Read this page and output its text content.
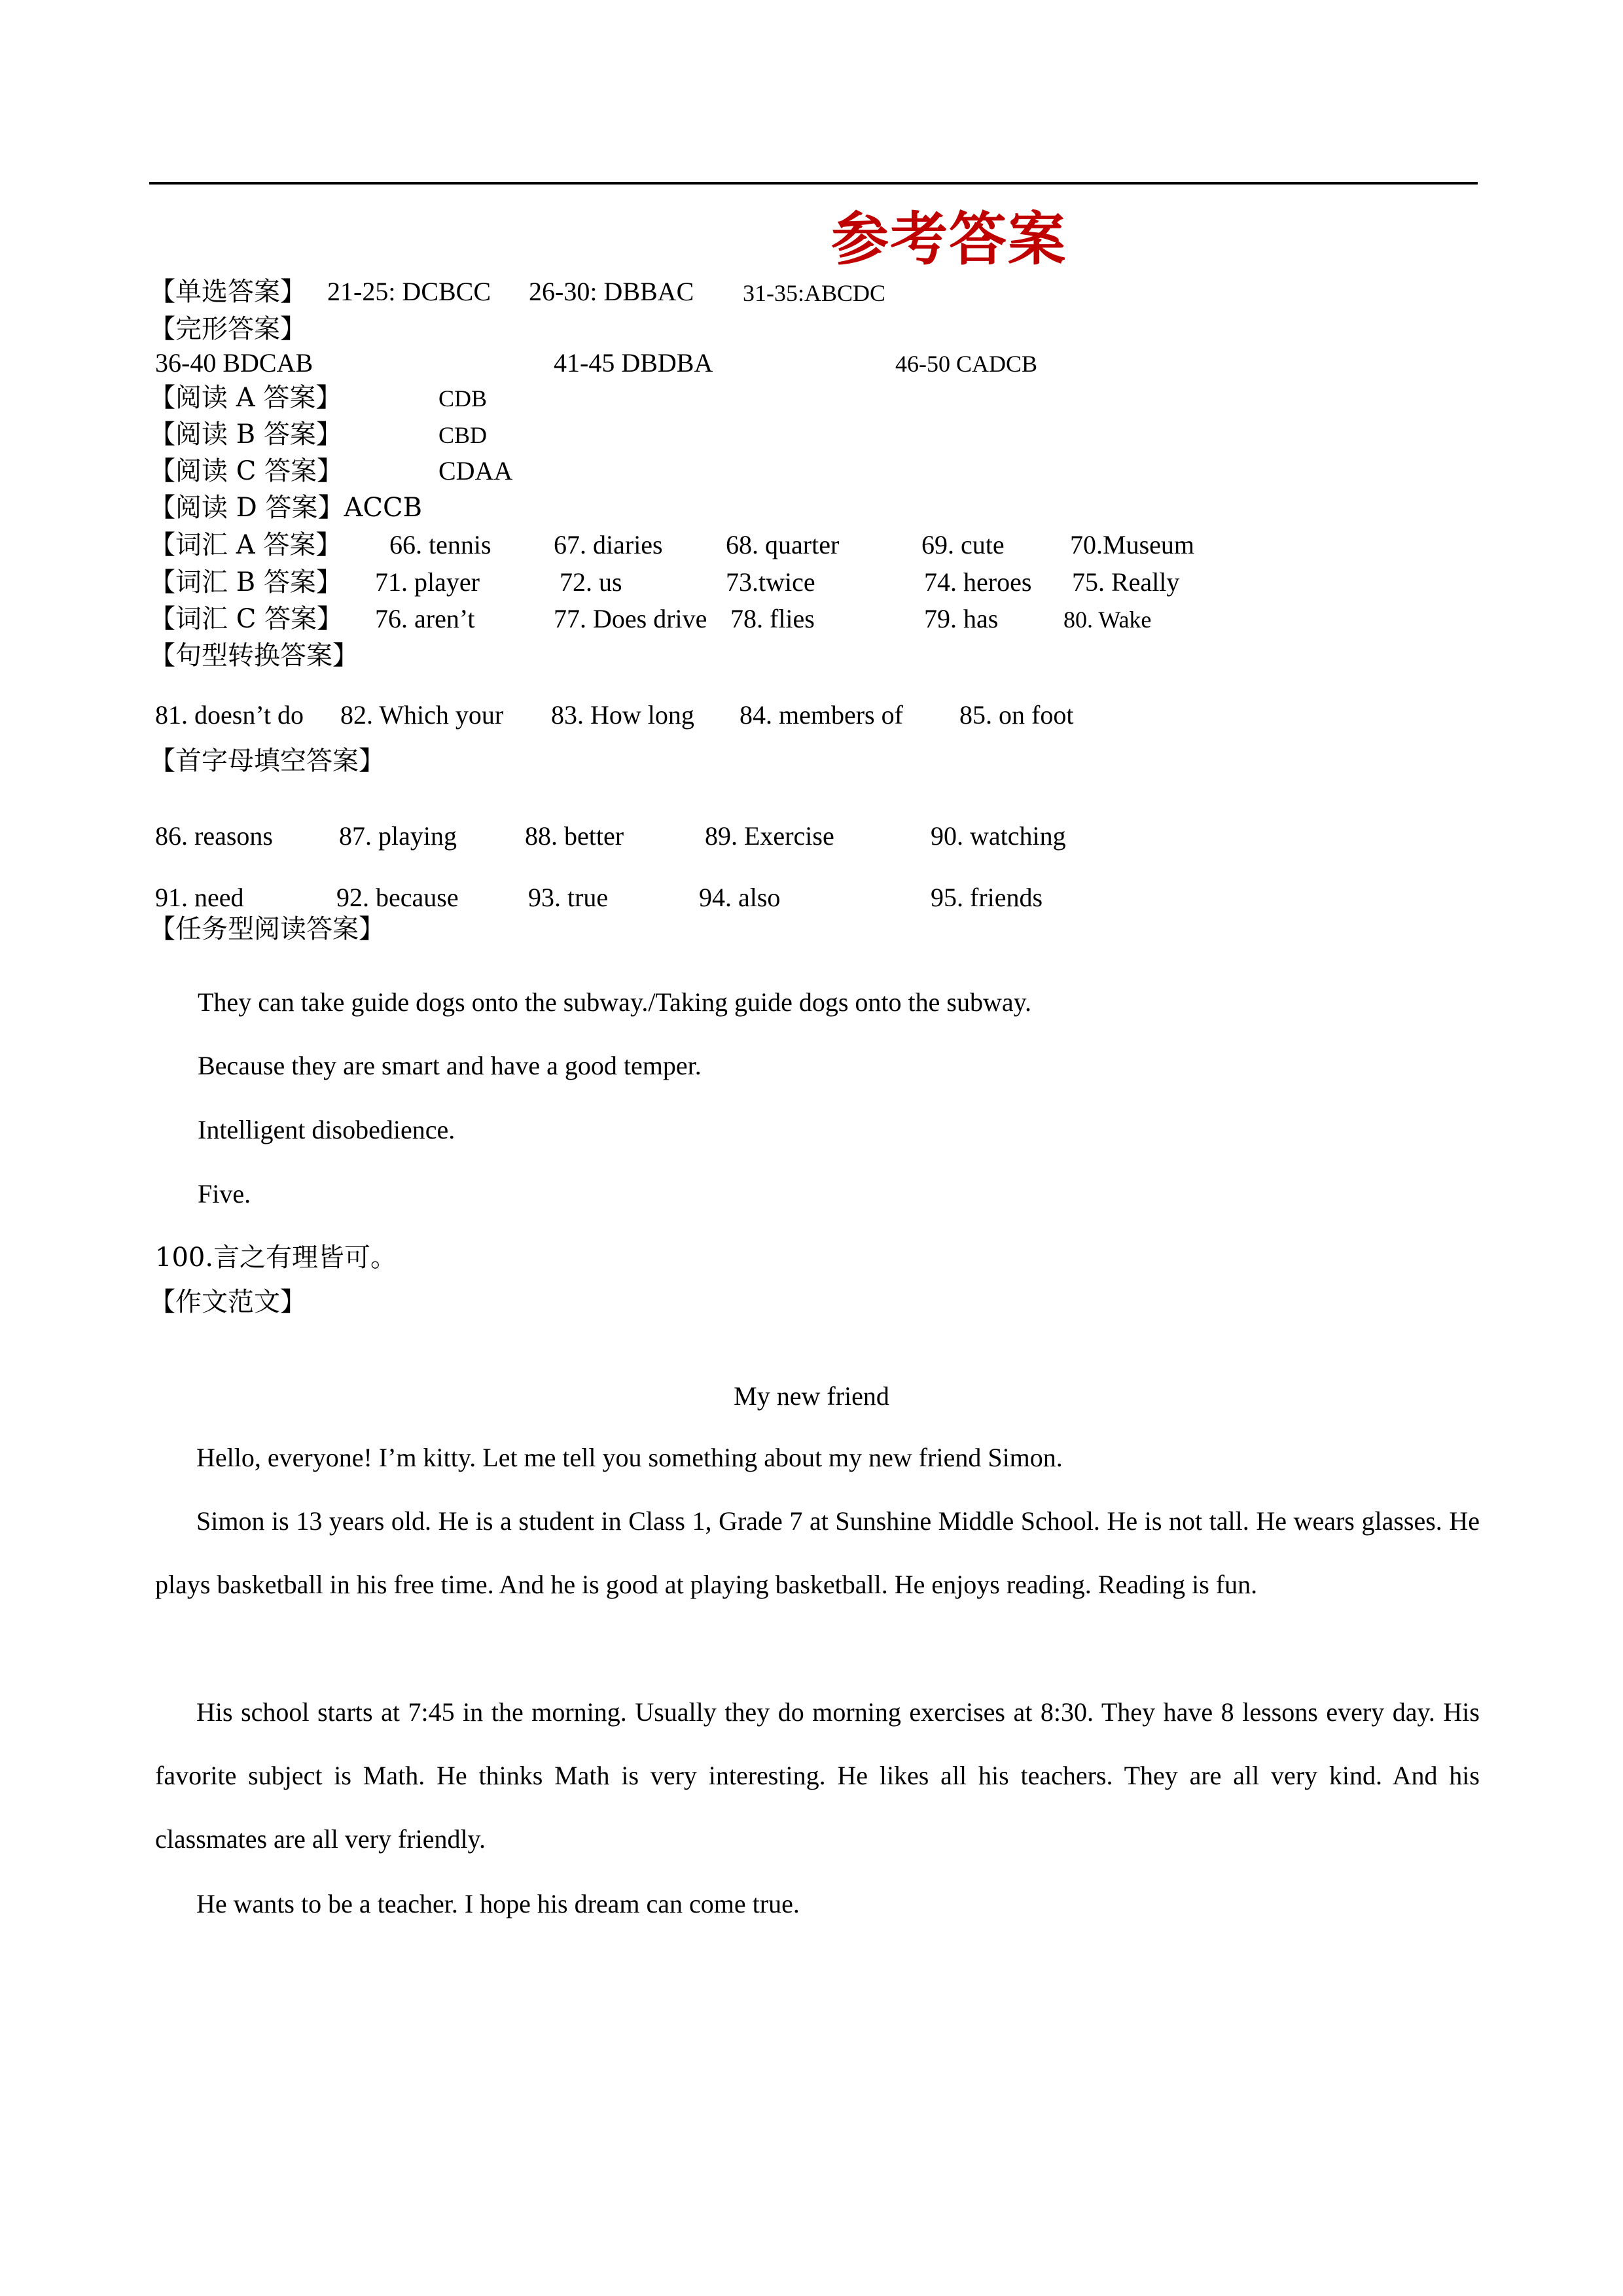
参考答案
【单选答案】 21-25: DCBCC 26-30: DBBAC 31-35:ABCDC
【完形答案】
36-40 BDCAB	41-45 DBDBA	46-50 CADCB
【阅读 A 答案】	CDB
【阅读 B 答案】	CBD
【阅读 C 答案】	CDAA
【阅读 D 答案】ACCB
【词汇 A 答案】 66. tennis 67. diaries 68. quarter	69. cute	70.Museum
【词汇 B 答案】 71. player	72. us	73.twice	74. heroes 75. Really
【词汇 C 答案】 76. aren’t	77. Does drive 78. flies	79. has	80. Wake
【句型转换答案】
81. doesn’t do 82. Which your 83. How long 84. members of 85. on foot
【首字母填空答案】
86. reasons	87. playing	88. better	89. Exercise	90. watching
91. need	92. because	93. true	94. also	95. friends
【任务型阅读答案】
They can take guide dogs onto the subway./Taking guide dogs onto the subway.
Because they are smart and have a good temper.
Intelligent disobedience.
Five.
100.言之有理皆可。
【作文范文】
My new friend

Hello, everyone! I’m kitty. Let me tell you something about my new friend Simon.

Simon is 13 years old. He is a student in Class 1, Grade 7 at Sunshine Middle School. He is not tall. He wears glasses. He plays basketball in his free time. And he is good at playing basketball. He enjoys reading. Reading is fun.

His school starts at 7:45 in the morning. Usually they do morning exercises at 8:30. They have 8 lessons every day. His favorite subject is Math. He thinks Math is very interesting. He likes all his teachers. They are all very kind. And his classmates are all very friendly.

He wants to be a teacher. I hope his dream can come true.
